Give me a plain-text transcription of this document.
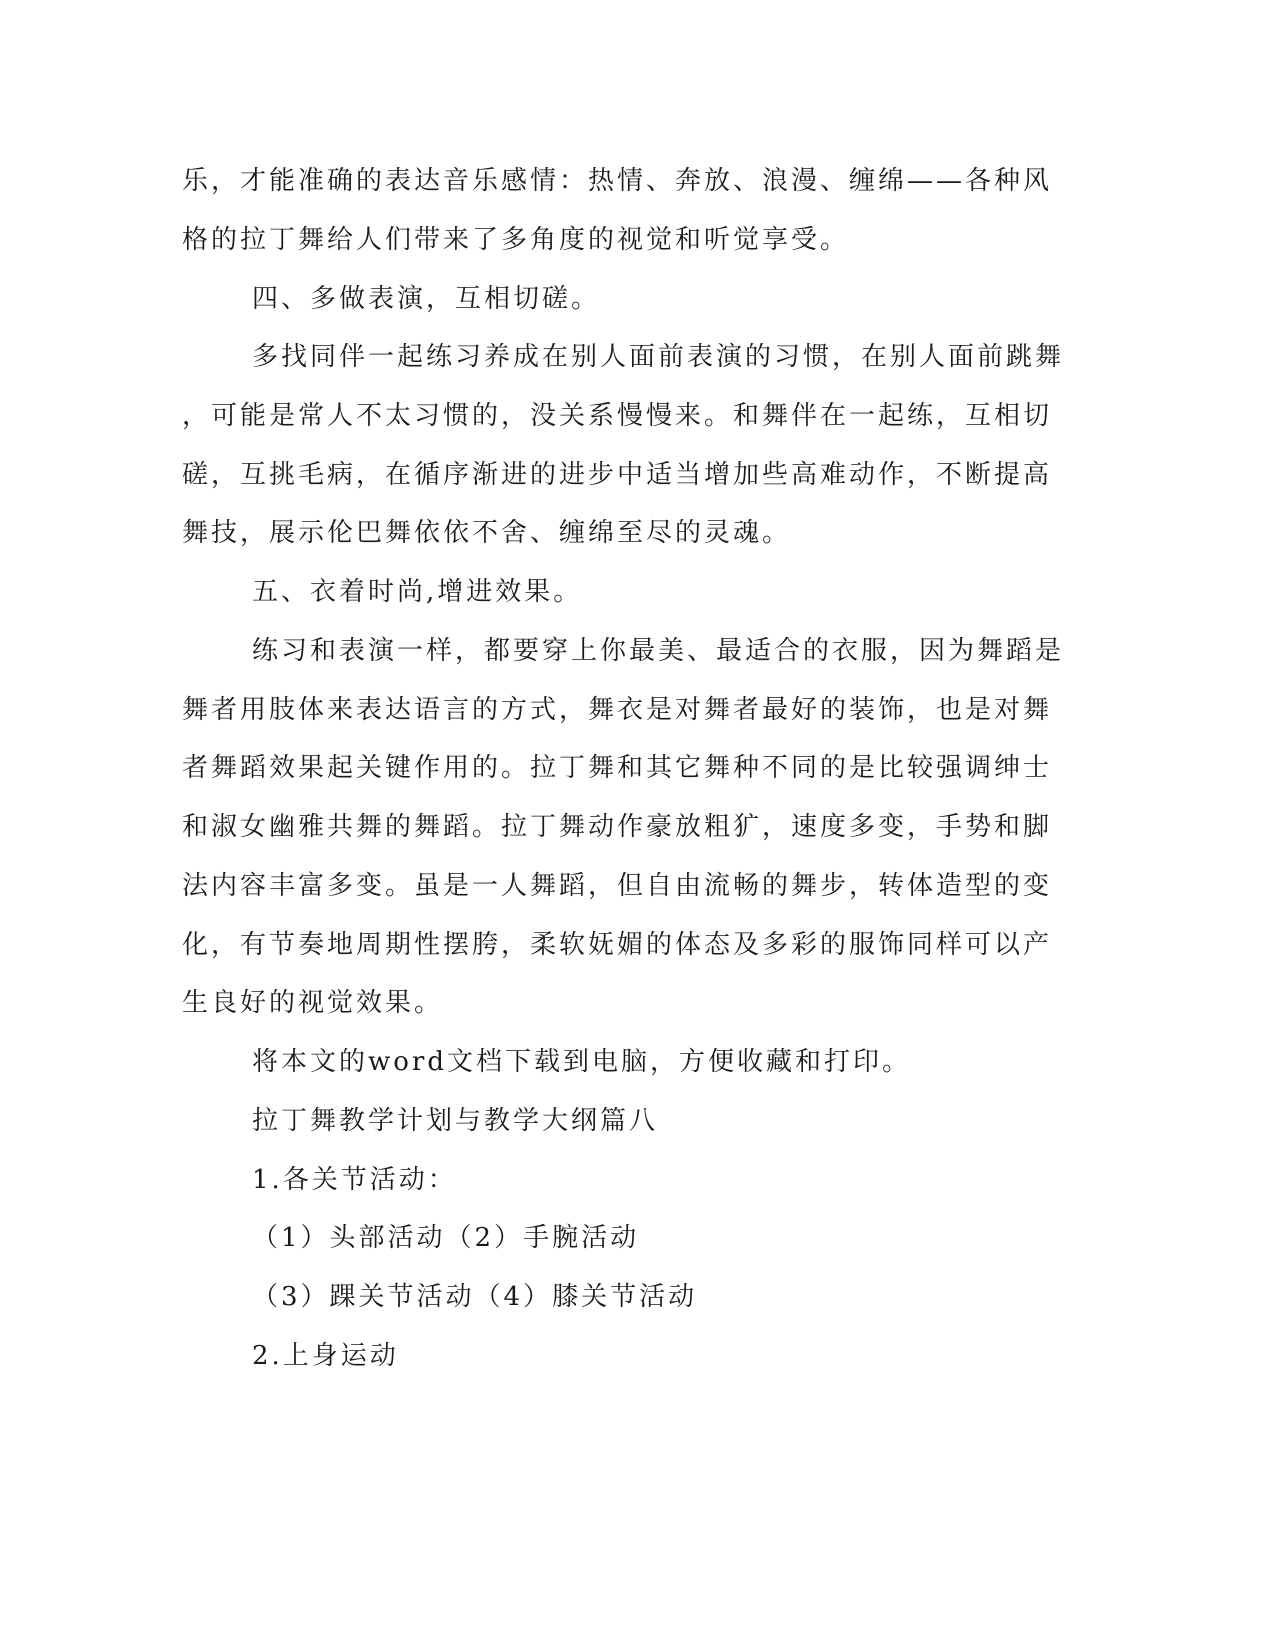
乐，才能准确的表达音乐感情：热情、奔放、浪漫、缠绵——各种风

格的拉丁舞给人们带来了多角度的视觉和听觉享受。

四、多做表演，互相切磋。

多找同伴一起练习养成在别人面前表演的习惯，在别人面前跳舞

，可能是常人不太习惯的，没关系慢慢来。和舞伴在一起练，互相切

磋，互挑毛病，在循序渐进的进步中适当增加些高难动作，不断提高

舞技，展示伦巴舞依依不舍、缠绵至尽的灵魂。

五、衣着时尚,增进效果。

练习和表演一样，都要穿上你最美、最适合的衣服，因为舞蹈是

舞者用肢体来表达语言的方式，舞衣是对舞者最好的装饰，也是对舞

者舞蹈效果起关键作用的。拉丁舞和其它舞种不同的是比较强调绅士

和淑女幽雅共舞的舞蹈。拉丁舞动作豪放粗犷，速度多变，手势和脚

法内容丰富多变。虽是一人舞蹈，但自由流畅的舞步，转体造型的变

化，有节奏地周期性摆胯，柔软妩媚的体态及多彩的服饰同样可以产

生良好的视觉效果。

将本文的word文档下载到电脑，方便收藏和打印。

拉丁舞教学计划与教学大纲篇八

1.各关节活动：

（1）头部活动（2）手腕活动

（3）踝关节活动（4）膝关节活动

2.上身运动
